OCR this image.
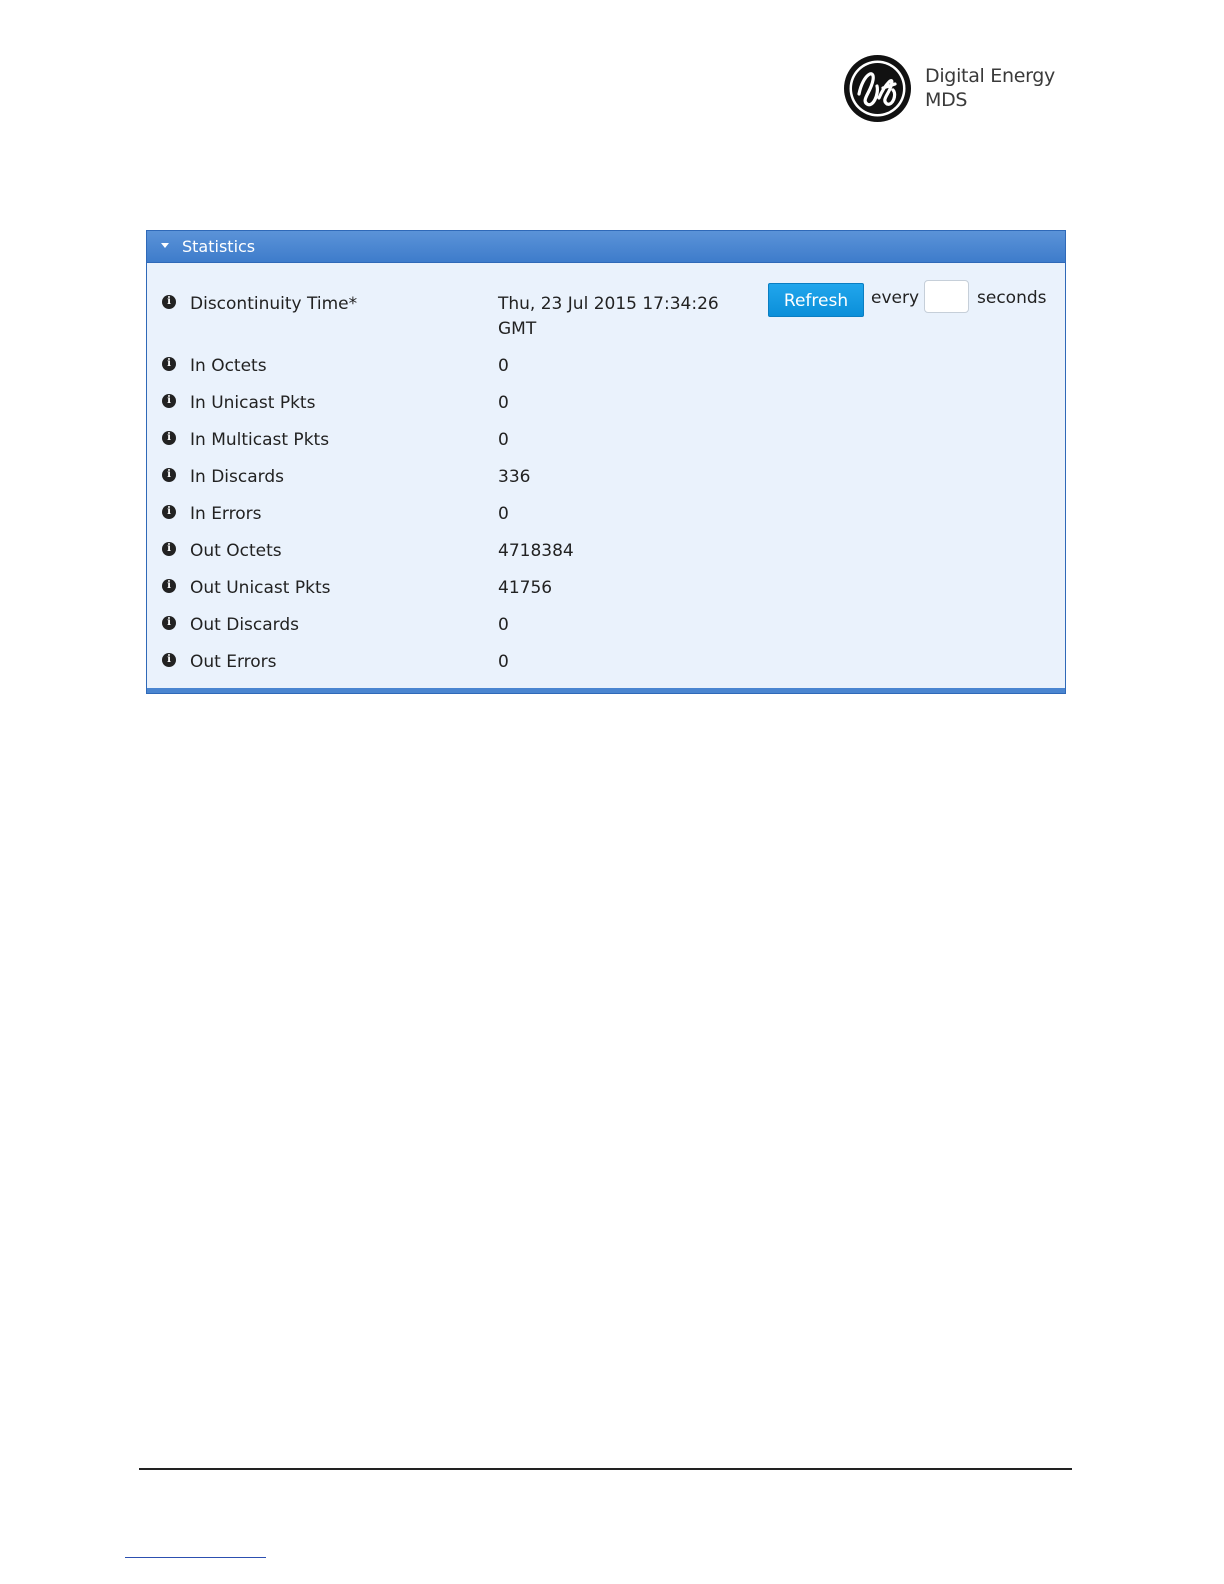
Digital Energy
MDS
Statistics
i Discontinuity Time*	Thu, 23 Jul 2015 17:34:26
GMT
Refresh	every	seconds
i In Octets	0
i In Unicast Pkts	0
i In Multicast Pkts	0
i In Discards	336
i In Errors	0
i Out Octets	4718384
i Out Unicast Pkts	41756
i Out Discards	0
i Out Errors	0
